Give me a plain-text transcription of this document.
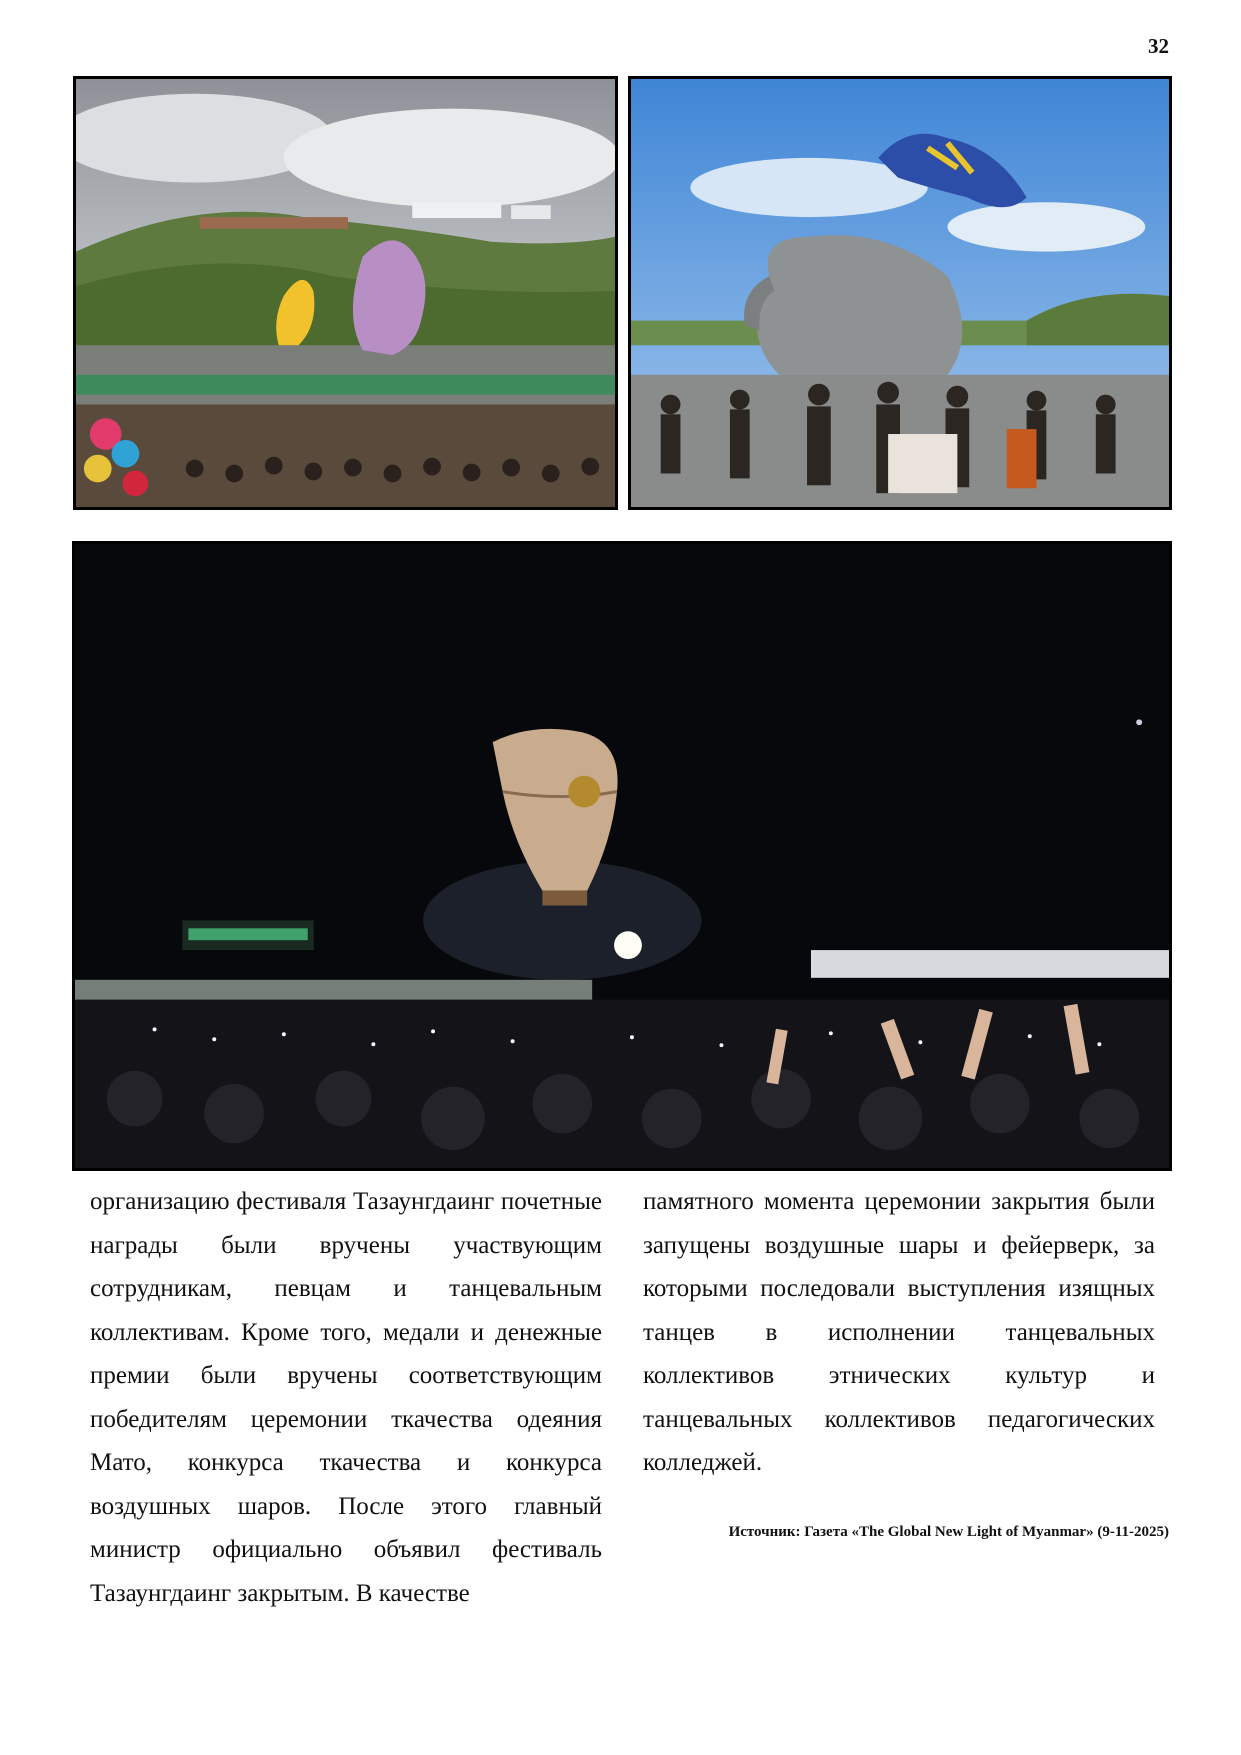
32

организацию фестиваля Тазаунгдаинг почетные награды были вручены участвующим сотрудникам, певцам и танцевальным коллективам. Кроме того, медали и денежные премии были вручены соответствующим победителям церемонии ткачества одеяния Мато, конкурса ткачества и конкурса воздушных шаров. После этого главный министр официально объявил фестиваль Тазаунгдаинг закрытым. В качестве

памятного момента церемонии закрытия были запущены воздушные шары и фейерверк, за которыми последовали выступления изящных танцев в исполнении танцевальных коллективов этнических культур и танцевальных коллективов педагогических колледжей.

Источник: Газета «The Global New Light of Myanmar» (9-11-2025)
